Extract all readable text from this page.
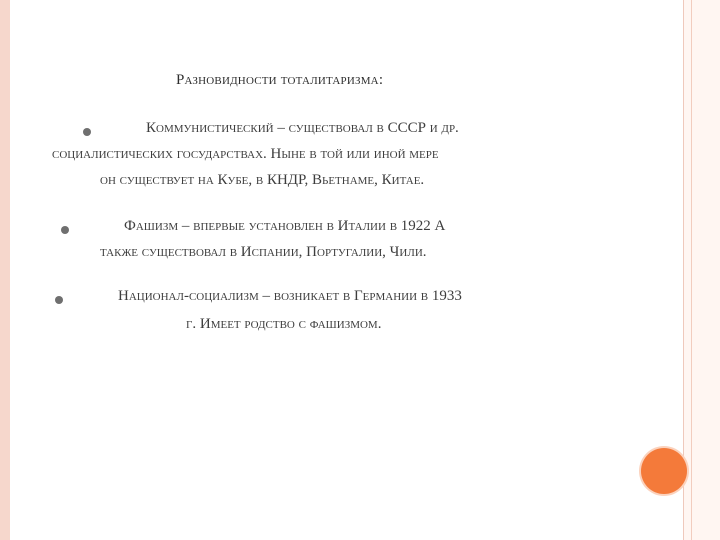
Разновидности тоталитаризма:
Коммунистический – существовал в СССР и др.
социалистических государствах. Ныне в той или иной мере
он существует на Кубе, в КНДР, Вьетнаме, Китае.
Фашизм – впервые установлен в Италии в 1922 А
также существовал в Испании, Португалии, Чили.
Национал-социализм – возникает в Германии в 1933
г. Имеет родство с фашизмом.
